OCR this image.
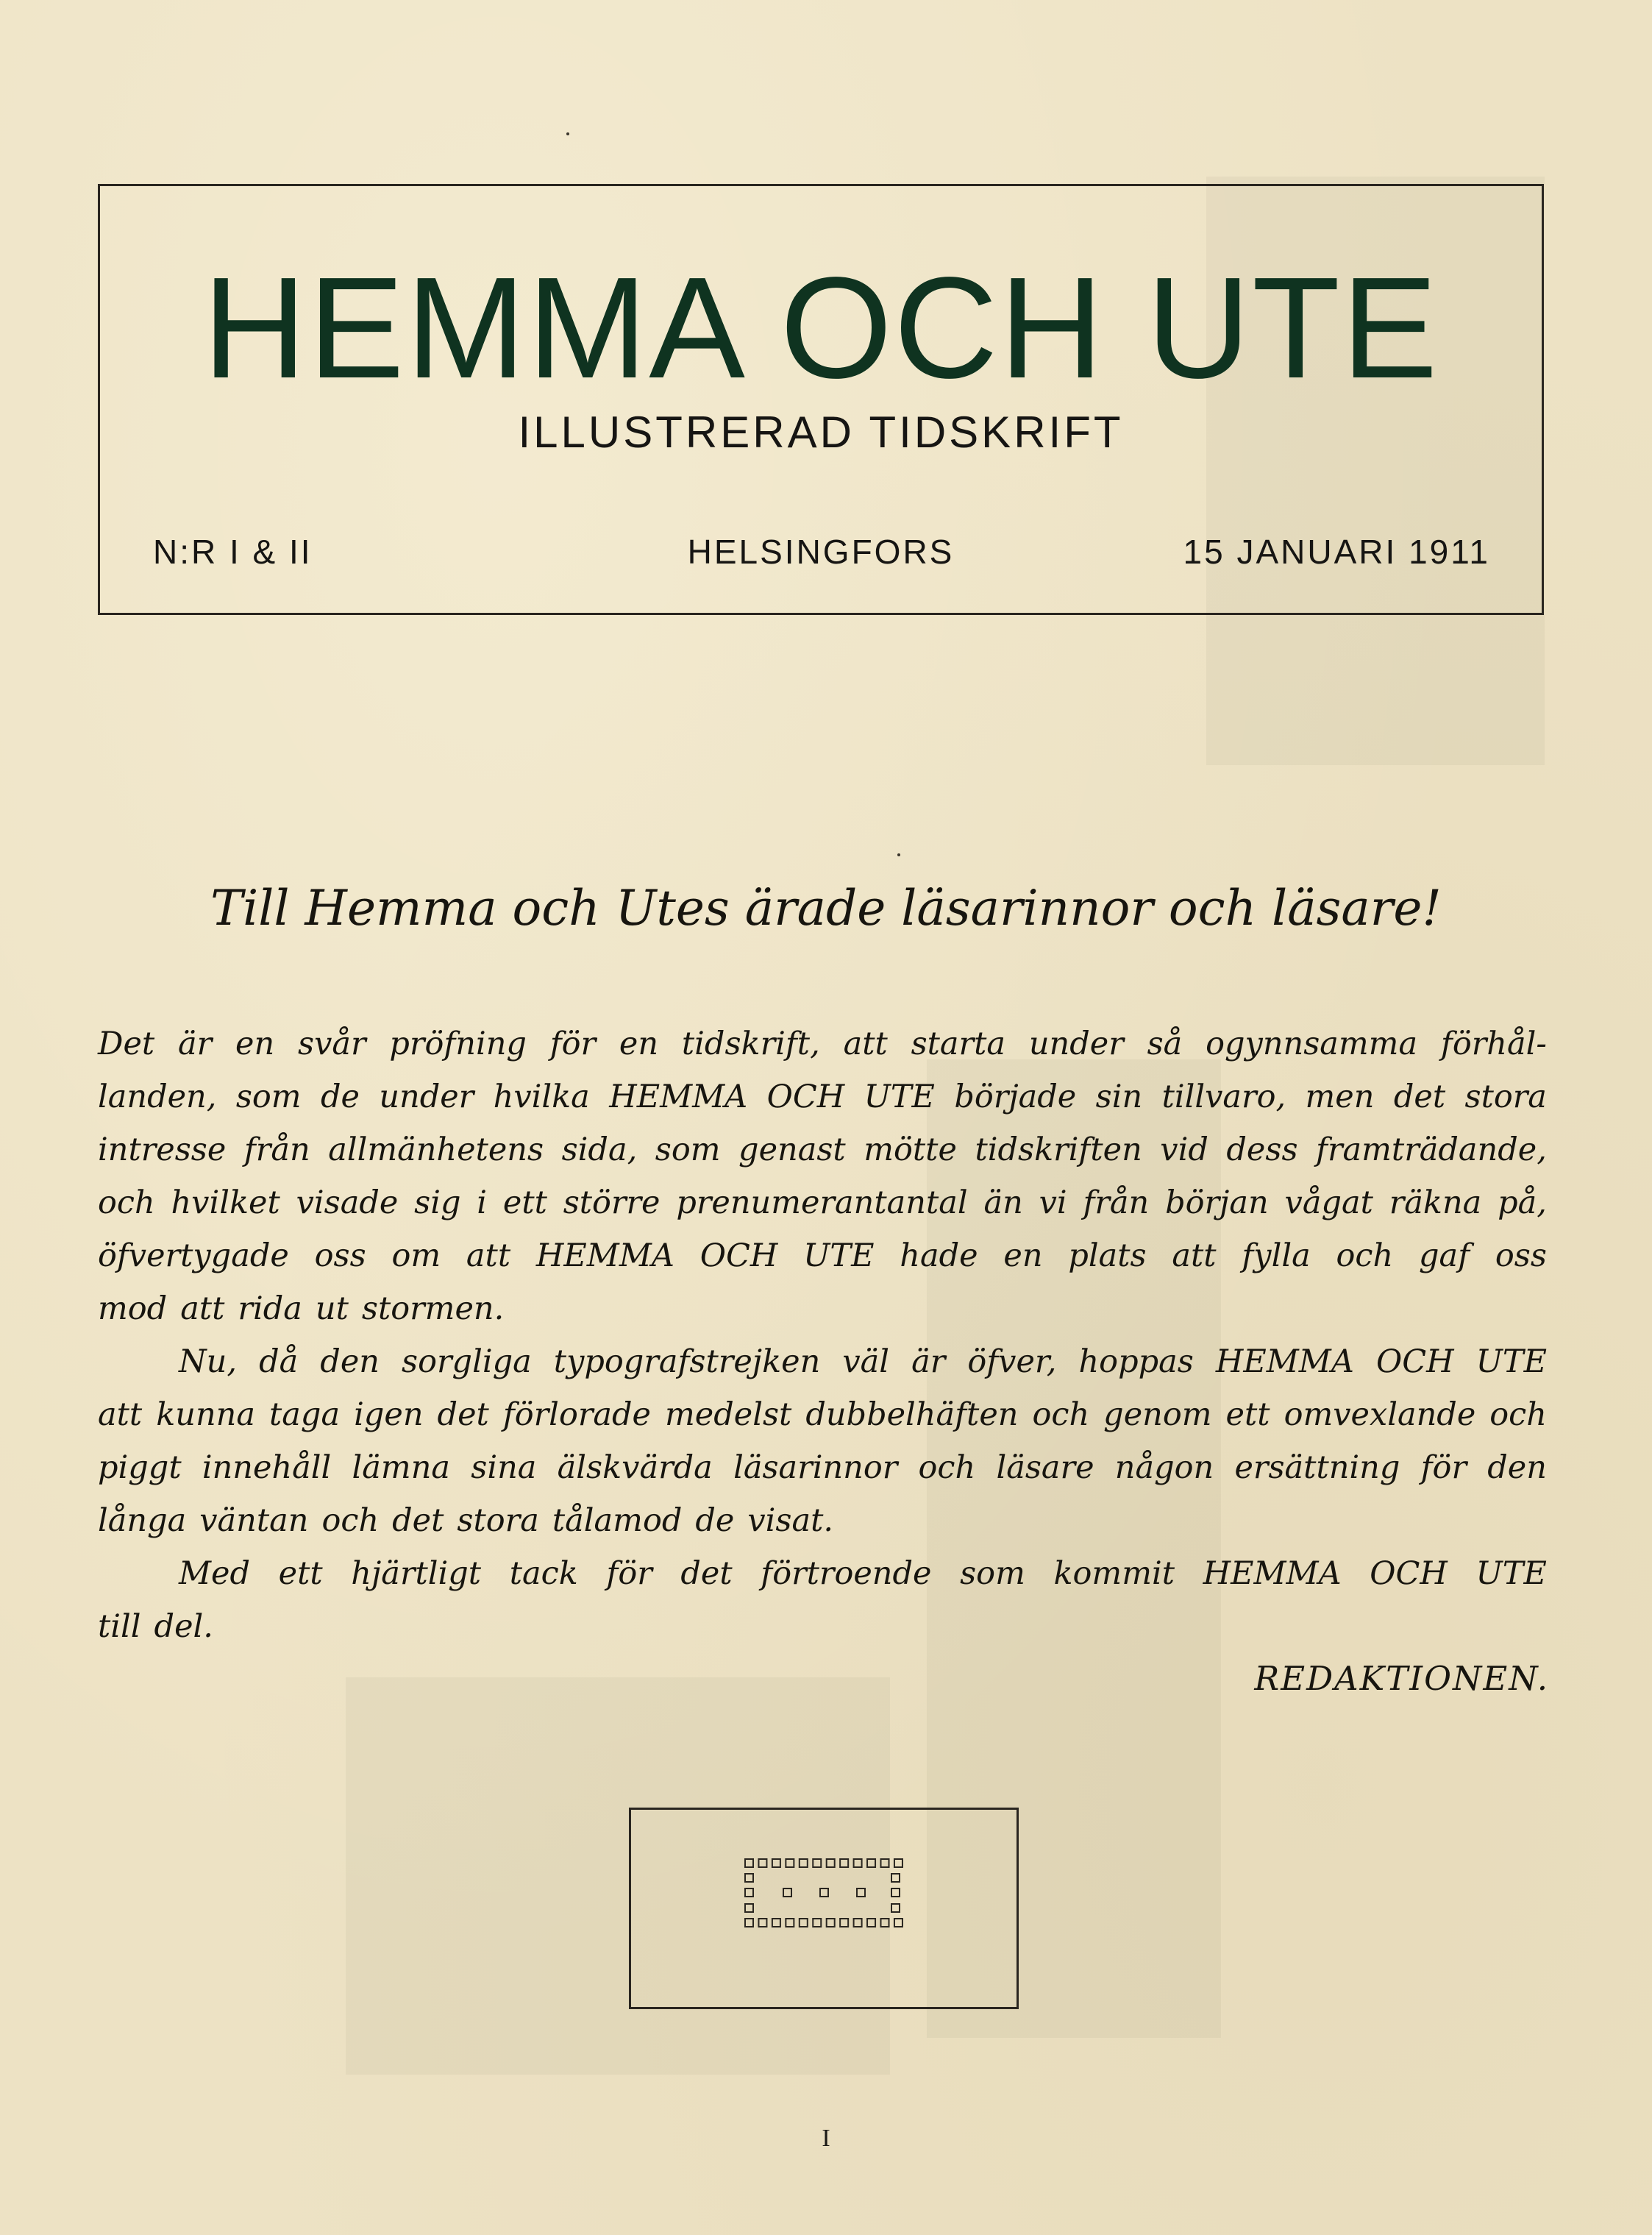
HEMMA OCH UTE
ILLUSTRERAD TIDSKRIFT
N:R I & II	HELSINGFORS	15 JANUARI 1911
Till Hemma och Utes ärade läsarinnor och läsare!
Det är en svår pröfning för en tidskrift, att starta under så ogynnsamma förhål-
landen, som de under hvilka HEMMA OCH UTE började sin tillvaro, men det stora
intresse från allmänhetens sida, som genast mötte tidskriften vid dess framträdande,
och hvilket visade sig i ett större prenumerantantal än vi från början vågat räkna på,
öfvertygade oss om att HEMMA OCH UTE hade en plats att fylla och gaf oss
mod att rida ut stormen.
Nu, då den sorgliga typografstrejken väl är öfver, hoppas HEMMA OCH UTE
att kunna taga igen det förlorade medelst dubbelhäften och genom ett omvexlande och
piggt innehåll lämna sina älskvärda läsarinnor och läsare någon ersättning för den
långa väntan och det stora tålamod de visat.
Med ett hjärtligt tack för det förtroende som kommit HEMMA OCH UTE
till del.
REDAKTIONEN.
I
